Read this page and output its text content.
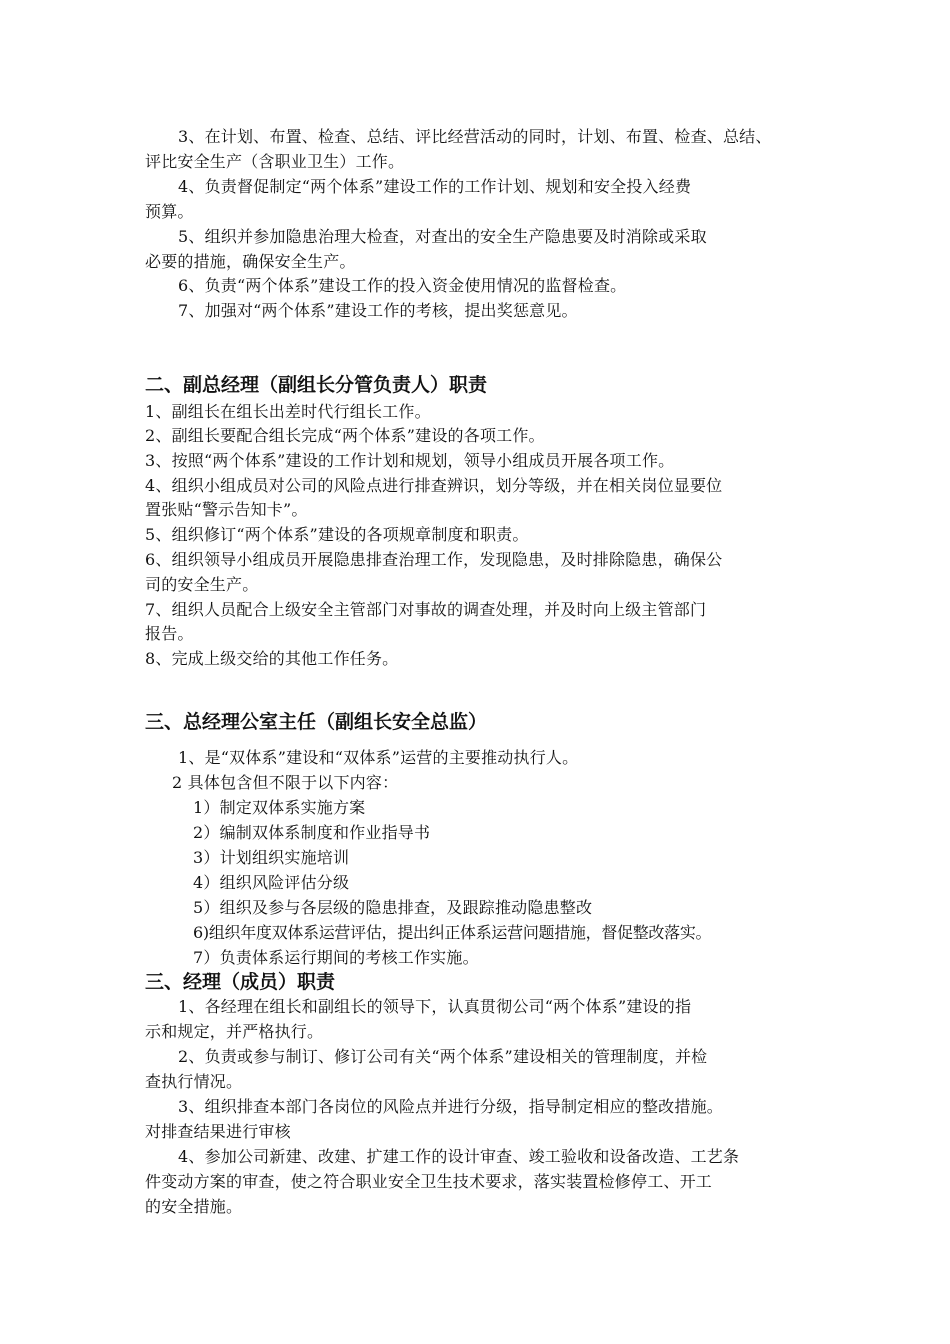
3、在计划、布置、检查、总结、评比经营活动的同时，计划、布置、检查、总结、
评比安全生产（含职业卫生）工作。
4、负责督促制定“两个体系”建设工作的工作计划、规划和安全投入经费
预算。
5、组织并参加隐患治理大检查，对查出的安全生产隐患要及时消除或采取
必要的措施，确保安全生产。
6、负责“两个体系”建设工作的投入资金使用情况的监督检查。
7、加强对“两个体系”建设工作的考核，提出奖惩意见。
二、副总经理（副组长分管负责人）职责
1、副组长在组长出差时代行组长工作。
2、副组长要配合组长完成“两个体系”建设的各项工作。
3、按照“两个体系”建设的工作计划和规划，领导小组成员开展各项工作。
4、组织小组成员对公司的风险点进行排查辨识，划分等级，并在相关岗位显要位
置张贴“警示告知卡”。
5、组织修订“两个体系”建设的各项规章制度和职责。
6、组织领导小组成员开展隐患排查治理工作，发现隐患，及时排除隐患，确保公
司的安全生产。
7、组织人员配合上级安全主管部门对事故的调查处理，并及时向上级主管部门
报告。
8、完成上级交给的其他工作任务。
三、总经理公室主任（副组长安全总监）
1、是“双体系”建设和“双体系”运营的主要推动执行人。
2 具体包含但不限于以下内容：
1）制定双体系实施方案
2）编制双体系制度和作业指导书
3）计划组织实施培训
4）组织风险评估分级
5）组织及参与各层级的隐患排查，及跟踪推动隐患整改
6)组织年度双体系运营评估，提出纠正体系运营问题措施，督促整改落实。
7）负责体系运行期间的考核工作实施。
三、经理（成员）职责
1、各经理在组长和副组长的领导下，认真贯彻公司“两个体系”建设的指
示和规定，并严格执行。
2、负责或参与制订、修订公司有关“两个体系”建设相关的管理制度，并检
查执行情况。
3、组织排查本部门各岗位的风险点并进行分级，指导制定相应的整改措施。
对排查结果进行审核
4、参加公司新建、改建、扩建工作的设计审查、竣工验收和设备改造、工艺条
件变动方案的审查，使之符合职业安全卫生技术要求，落实装置检修停工、开工
的安全措施。
